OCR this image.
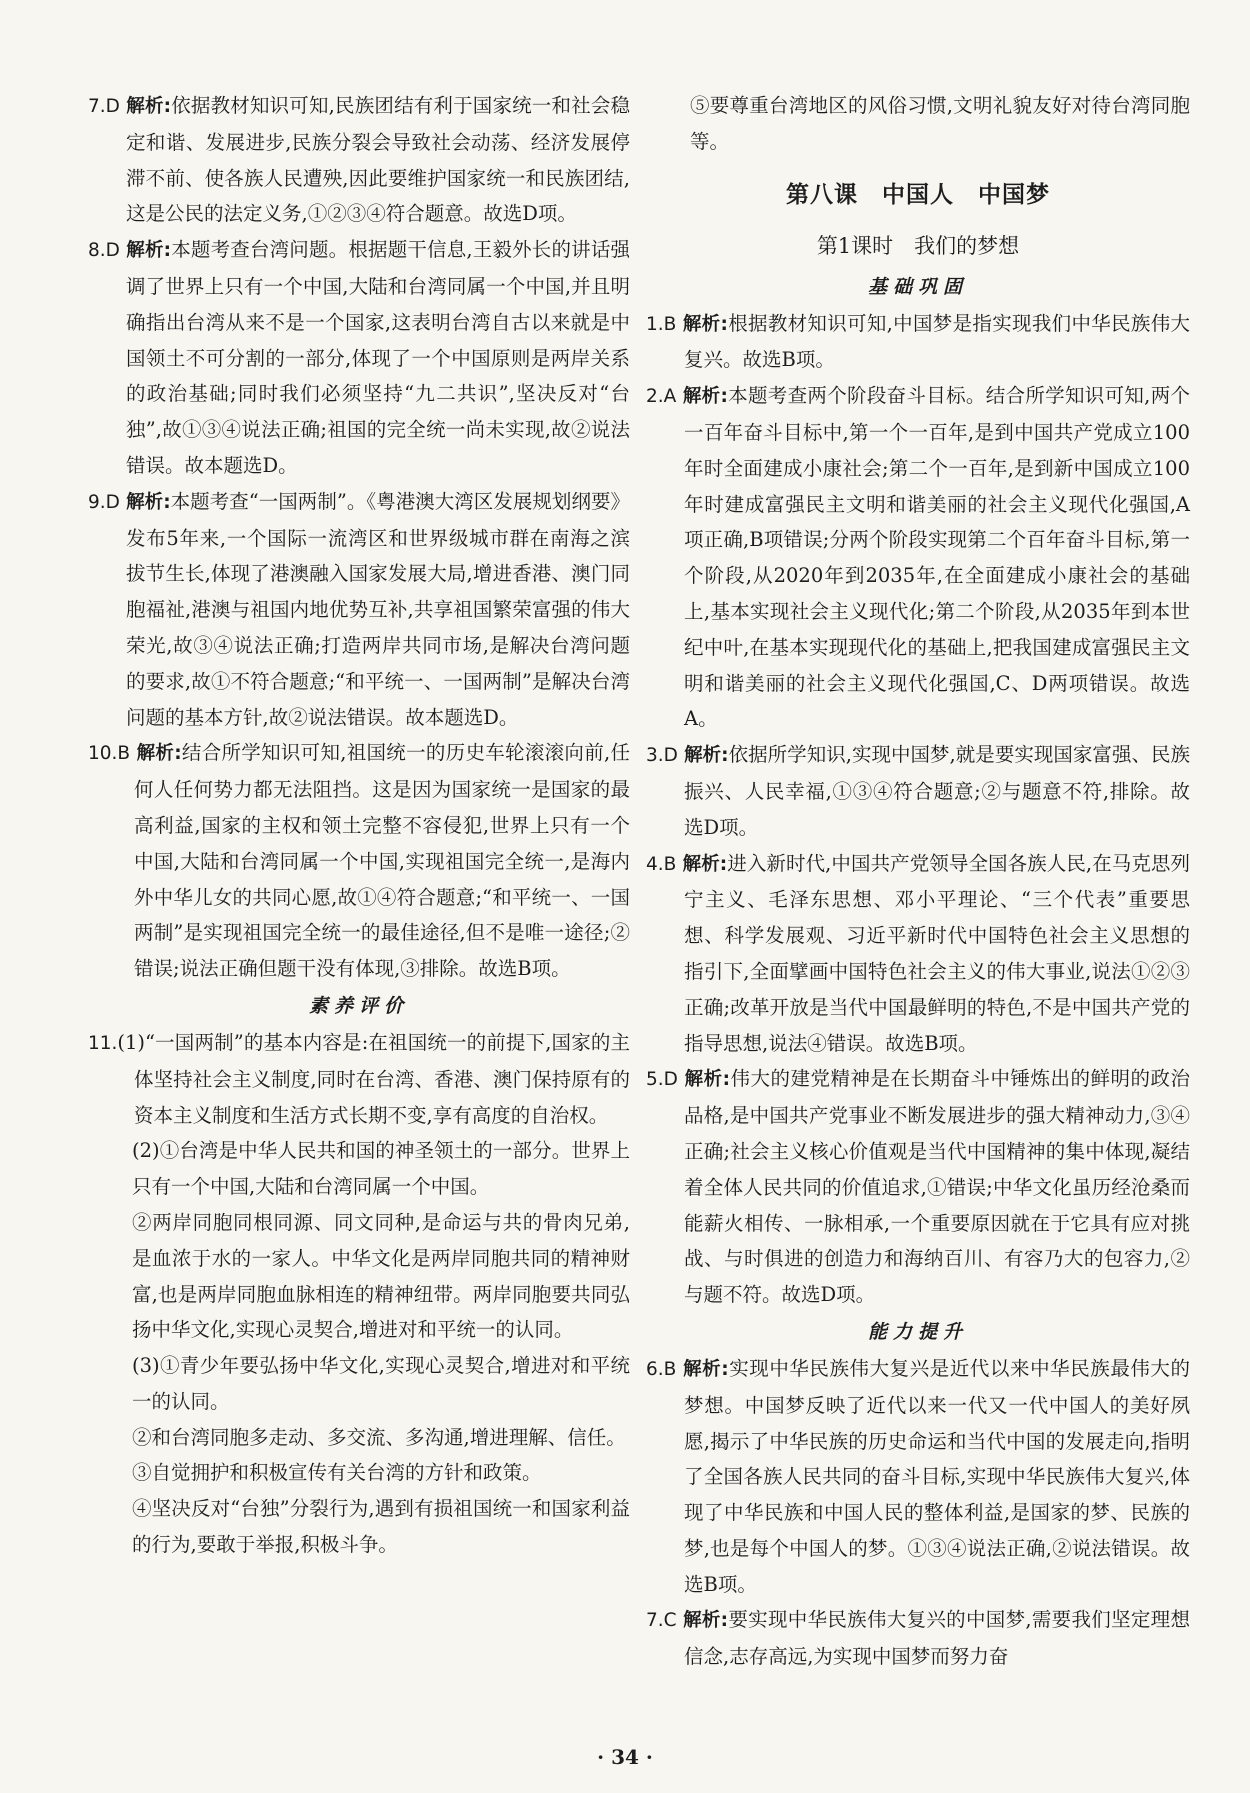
7.D 解析:依据教材知识可知,民族团结有利于国家统一和社会稳定和谐、发展进步,民族分裂会导致社会动荡、经济发展停滞不前、使各族人民遭殃,因此要维护国家统一和民族团结,这是公民的法定义务,①②③④符合题意。故选D项。

8.D 解析:本题考查台湾问题。根据题干信息,王毅外长的讲话强调了世界上只有一个中国,大陆和台湾同属一个中国,并且明确指出台湾从来不是一个国家,这表明台湾自古以来就是中国领土不可分割的一部分,体现了一个中国原则是两岸关系的政治基础;同时我们必须坚持“九二共识”,坚决反对“台独”,故①③④说法正确;祖国的完全统一尚未实现,故②说法错误。故本题选D。

9.D 解析:本题考查“一国两制”。《粤港澳大湾区发展规划纲要》发布5年来,一个国际一流湾区和世界级城市群在南海之滨拔节生长,体现了港澳融入国家发展大局,增进香港、澳门同胞福祉,港澳与祖国内地优势互补,共享祖国繁荣富强的伟大荣光,故③④说法正确;打造两岸共同市场,是解决台湾问题的要求,故①不符合题意;“和平统一、一国两制”是解决台湾问题的基本方针,故②说法错误。故本题选D。

10.B 解析:结合所学知识可知,祖国统一的历史车轮滚滚向前,任何人任何势力都无法阻挡。这是因为国家统一是国家的最高利益,国家的主权和领土完整不容侵犯,世界上只有一个中国,大陆和台湾同属一个中国,实现祖国完全统一,是海内外中华儿女的共同心愿,故①④符合题意;“和平统一、一国两制”是实现祖国完全统一的最佳途径,但不是唯一途径;②错误;说法正确但题干没有体现,③排除。故选B项。

素养评价

11.(1)“一国两制”的基本内容是:在祖国统一的前提下,国家的主体坚持社会主义制度,同时在台湾、香港、澳门保持原有的资本主义制度和生活方式长期不变,享有高度的自治权。

(2)①台湾是中华人民共和国的神圣领土的一部分。世界上只有一个中国,大陆和台湾同属一个中国。

②两岸同胞同根同源、同文同种,是命运与共的骨肉兄弟,是血浓于水的一家人。中华文化是两岸同胞共同的精神财富,也是两岸同胞血脉相连的精神纽带。两岸同胞要共同弘扬中华文化,实现心灵契合,增进对和平统一的认同。

(3)①青少年要弘扬中华文化,实现心灵契合,增进对和平统一的认同。

②和台湾同胞多走动、多交流、多沟通,增进理解、信任。

③自觉拥护和积极宣传有关台湾的方针和政策。

④坚决反对“台独”分裂行为,遇到有损祖国统一和国家利益的行为,要敢于举报,积极斗争。

⑤要尊重台湾地区的风俗习惯,文明礼貌友好对待台湾同胞等。

第八课　中国人　中国梦

第1课时　我们的梦想

基础巩固

1.B 解析:根据教材知识可知,中国梦是指实现我们中华民族伟大复兴。故选B项。

2.A 解析:本题考查两个阶段奋斗目标。结合所学知识可知,两个一百年奋斗目标中,第一个一百年,是到中国共产党成立100年时全面建成小康社会;第二个一百年,是到新中国成立100年时建成富强民主文明和谐美丽的社会主义现代化强国,A项正确,B项错误;分两个阶段实现第二个百年奋斗目标,第一个阶段,从2020年到2035年,在全面建成小康社会的基础上,基本实现社会主义现代化;第二个阶段,从2035年到本世纪中叶,在基本实现现代化的基础上,把我国建成富强民主文明和谐美丽的社会主义现代化强国,C、D两项错误。故选A。

3.D 解析:依据所学知识,实现中国梦,就是要实现国家富强、民族振兴、人民幸福,①③④符合题意;②与题意不符,排除。故选D项。

4.B 解析:进入新时代,中国共产党领导全国各族人民,在马克思列宁主义、毛泽东思想、邓小平理论、“三个代表”重要思想、科学发展观、习近平新时代中国特色社会主义思想的指引下,全面擘画中国特色社会主义的伟大事业,说法①②③正确;改革开放是当代中国最鲜明的特色,不是中国共产党的指导思想,说法④错误。故选B项。

5.D 解析:伟大的建党精神是在长期奋斗中锤炼出的鲜明的政治品格,是中国共产党事业不断发展进步的强大精神动力,③④正确;社会主义核心价值观是当代中国精神的集中体现,凝结着全体人民共同的价值追求,①错误;中华文化虽历经沧桑而能薪火相传、一脉相承,一个重要原因就在于它具有应对挑战、与时俱进的创造力和海纳百川、有容乃大的包容力,②与题不符。故选D项。

能力提升

6.B 解析:实现中华民族伟大复兴是近代以来中华民族最伟大的梦想。中国梦反映了近代以来一代又一代中国人的美好夙愿,揭示了中华民族的历史命运和当代中国的发展走向,指明了全国各族人民共同的奋斗目标,实现中华民族伟大复兴,体现了中华民族和中国人民的整体利益,是国家的梦、民族的梦,也是每个中国人的梦。①③④说法正确,②说法错误。故选B项。

7.C 解析:要实现中华民族伟大复兴的中国梦,需要我们坚定理想信念,志存高远,为实现中国梦而努力奋

· 34 ·
